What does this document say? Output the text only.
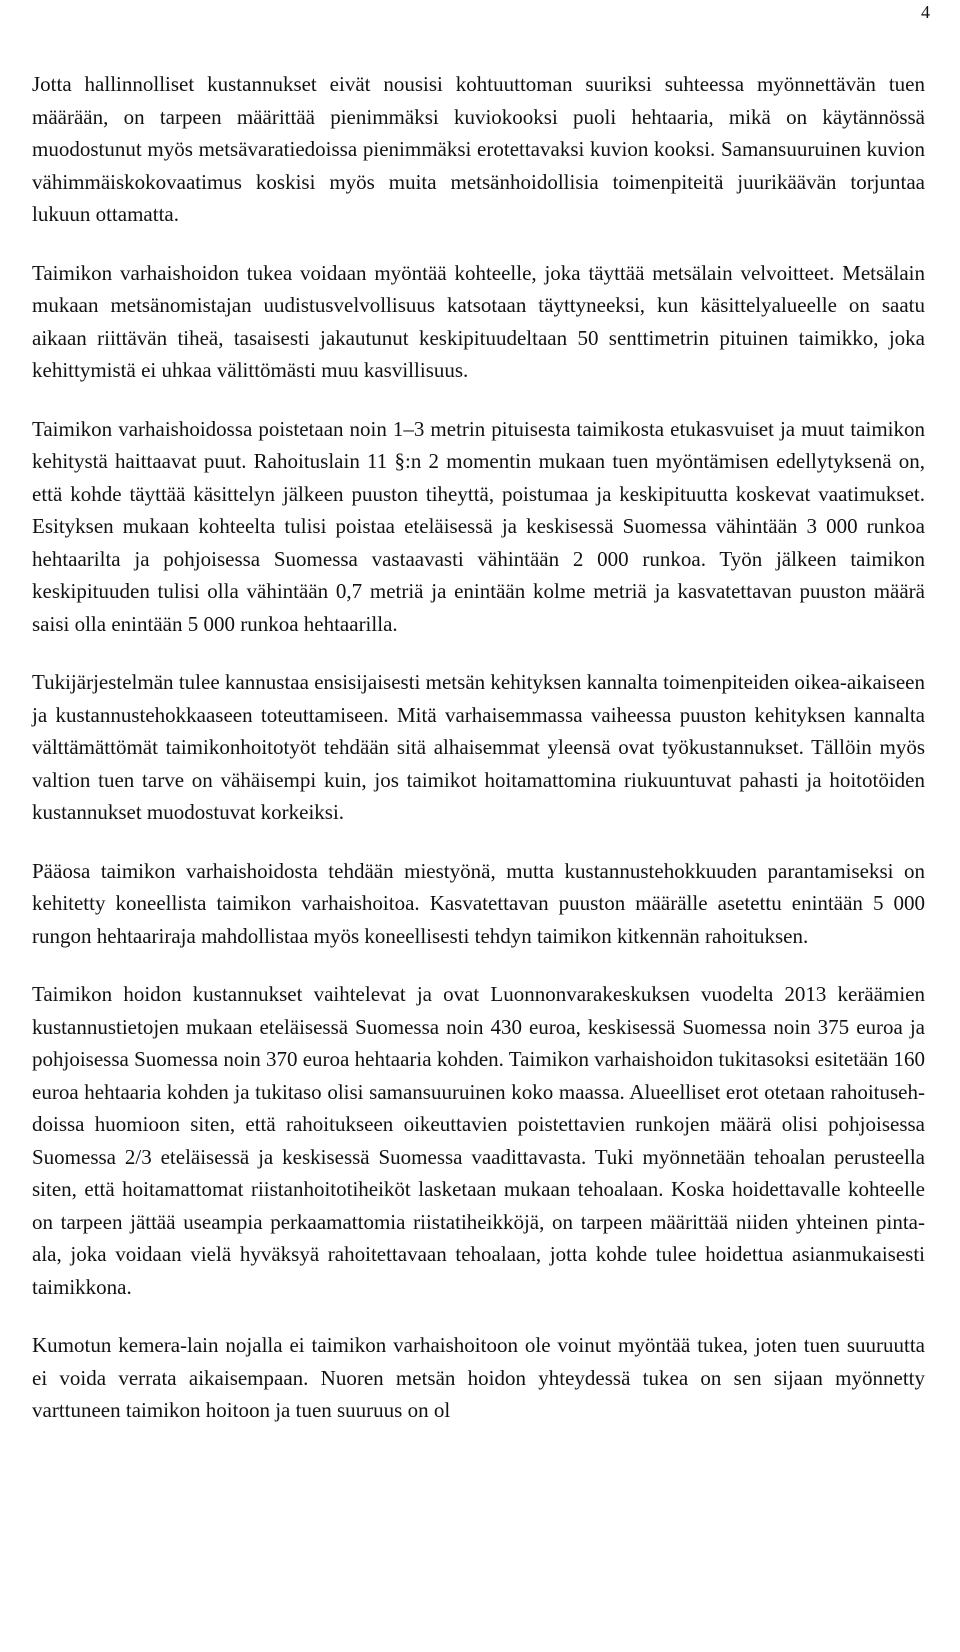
4

Jotta hallinnolliset kustannukset eivät nousisi kohtuuttoman suuriksi suhteessa myönnettävän tuen määrään, on tarpeen määrittää pienimmäksi kuviokooksi puoli hehtaaria, mikä on käytännössä muodostunut myös metsävaratiedoissa pienimmäksi erotettavaksi kuvion kooksi. Samansuuruinen kuvion vähimmäiskokovaatimus koskisi myös muita metsänhoidollisia toimenpiteitä juurikäävän torjuntaa lukuun ottamatta.

Taimikon varhaishoidon tukea voidaan myöntää kohteelle, joka täyttää metsälain velvoitteet. Metsälain mukaan metsänomistajan uudistusvelvollisuus katsotaan täyttyneeksi, kun käsittelyalueelle on saatu aikaan riittävän tiheä, tasaisesti jakautunut keskipituudeltaan 50 senttimetrin pituinen taimikko, joka kehittymistä ei uhkaa välittömästi muu kasvillisuus.

Taimikon varhaishoidossa poistetaan noin 1–3 metrin pituisesta taimikosta etukasvuiset ja muut taimikon kehitystä haittaavat puut. Rahoituslain 11 §:n 2 momentin mukaan tuen myöntämisen edellytyksenä on, että kohde täyttää käsittelyn jälkeen puuston tiheyttä, poistumaa ja keskipituutta koskevat vaatimukset. Esityksen mukaan kohteelta tulisi poistaa eteläisessä ja keskisessä Suomessa vähintään 3 000 runkoa hehtaarilta ja pohjoisessa Suomessa vastaavasti vähintään 2 000 runkoa. Työn jälkeen taimikon keskipituuden tulisi olla vähintään 0,7 metriä ja enintään kolme metriä ja kasvatettavan puuston määrä saisi olla enintään 5 000 runkoa hehtaarilla.

Tukijärjestelmän tulee kannustaa ensisijaisesti metsän kehityksen kannalta toimenpiteiden oikea-aikaiseen ja kustannustehokkaaseen toteuttamiseen. Mitä varhaisemmassa vaiheessa puuston kehityksen kannalta välttämättömät taimikonhoitotyöt tehdään sitä alhaisemmat yleensä ovat työkustannukset. Tällöin myös valtion tuen tarve on vähäisempi kuin, jos taimikot hoitamattomina riukuuntuvat pahasti ja hoitotöiden kustannukset muodostuvat korkeiksi.

Pääosa taimikon varhaishoidosta tehdään miestyönä, mutta kustannustehokkuuden parantamiseksi on kehitetty koneellista taimikon varhaishoitoa. Kasvatettavan puuston määrälle asetettu enintään 5 000 rungon hehtaariraja mahdollistaa myös koneellisesti tehdyn taimikon kitkennän rahoituksen.

Taimikon hoidon kustannukset vaihtelevat ja ovat Luonnonvarakeskuksen vuodelta 2013 keräämien kustannustietojen mukaan eteläisessä Suomessa noin 430 euroa, keskisessä Suomessa noin 375 euroa ja pohjoisessa Suomessa noin 370 euroa hehtaaria kohden. Taimikon varhaishoidon tukitasoksi esitetään 160 euroa hehtaaria kohden ja tukitaso olisi samansuuruinen koko maassa. Alueelliset erot otetaan rahoitusehdoissa huomioon siten, että rahoitukseen oikeuttavien poistettavien runkojen määrä olisi pohjoisessa Suomessa 2/3 eteläisessä ja keskisessä Suomessa vaadittavasta. Tuki myönnetään tehoalan perusteella siten, että hoitamattomat riistanhoitotiheiköt lasketaan mukaan tehoalaan. Koska hoidettavalle kohteelle on tarpeen jättää useampia perkaamattomia riistatiheikköjä, on tarpeen määrittää niiden yhteinen pinta-ala, joka voidaan vielä hyväksyä rahoitettavaan tehoalaan, jotta kohde tulee hoidettua asianmukaisesti taimikkona.

Kumotun kemera-lain nojalla ei taimikon varhaishoitoon ole voinut myöntää tukea, joten tuen suuruutta ei voida verrata aikaisempaan. Nuoren metsän hoidon yhteydessä tukea on sen sijaan myönnetty varttuneen taimikon hoitoon ja tuen suuruus on ol
